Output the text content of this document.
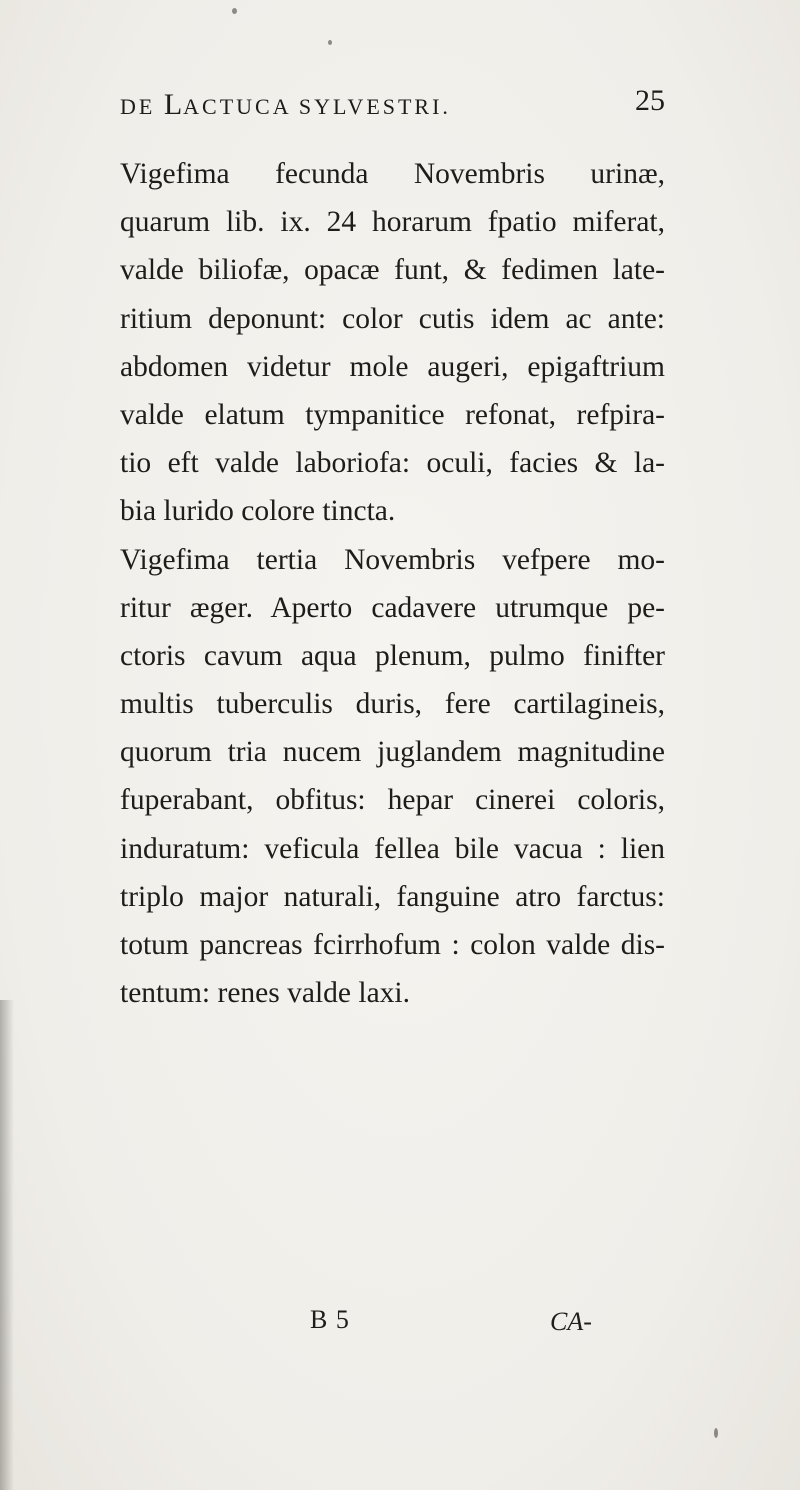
DE LACTUCA SYLVESTRI.	25
Vigefima fecunda Novembris urinæ,
quarum lib. ix. 24 horarum fpatio miferat,
valde biliofæ, opacæ funt, & fedimen late-
ritium deponunt: color cutis idem ac ante:
abdomen videtur mole augeri, epigaftrium
valde elatum tympanitice refonat, refpira-
tio eft valde laboriofa: oculi, facies & la-
bia lurido colore tincta.
Vigefima tertia Novembris vefpere mo-
ritur æger. Aperto cadavere utrumque pe-
ctoris cavum aqua plenum, pulmo finifter
multis tuberculis duris, fere cartilagineis,
quorum tria nucem juglandem magnitudine
fuperabant, obfitus: hepar cinerei coloris,
induratum: veficula fellea bile vacua : lien
triplo major naturali, fanguine atro farctus:
totum pancreas fcirrhofum : colon valde dis-
tentum: renes valde laxi.
B 5	CA-
